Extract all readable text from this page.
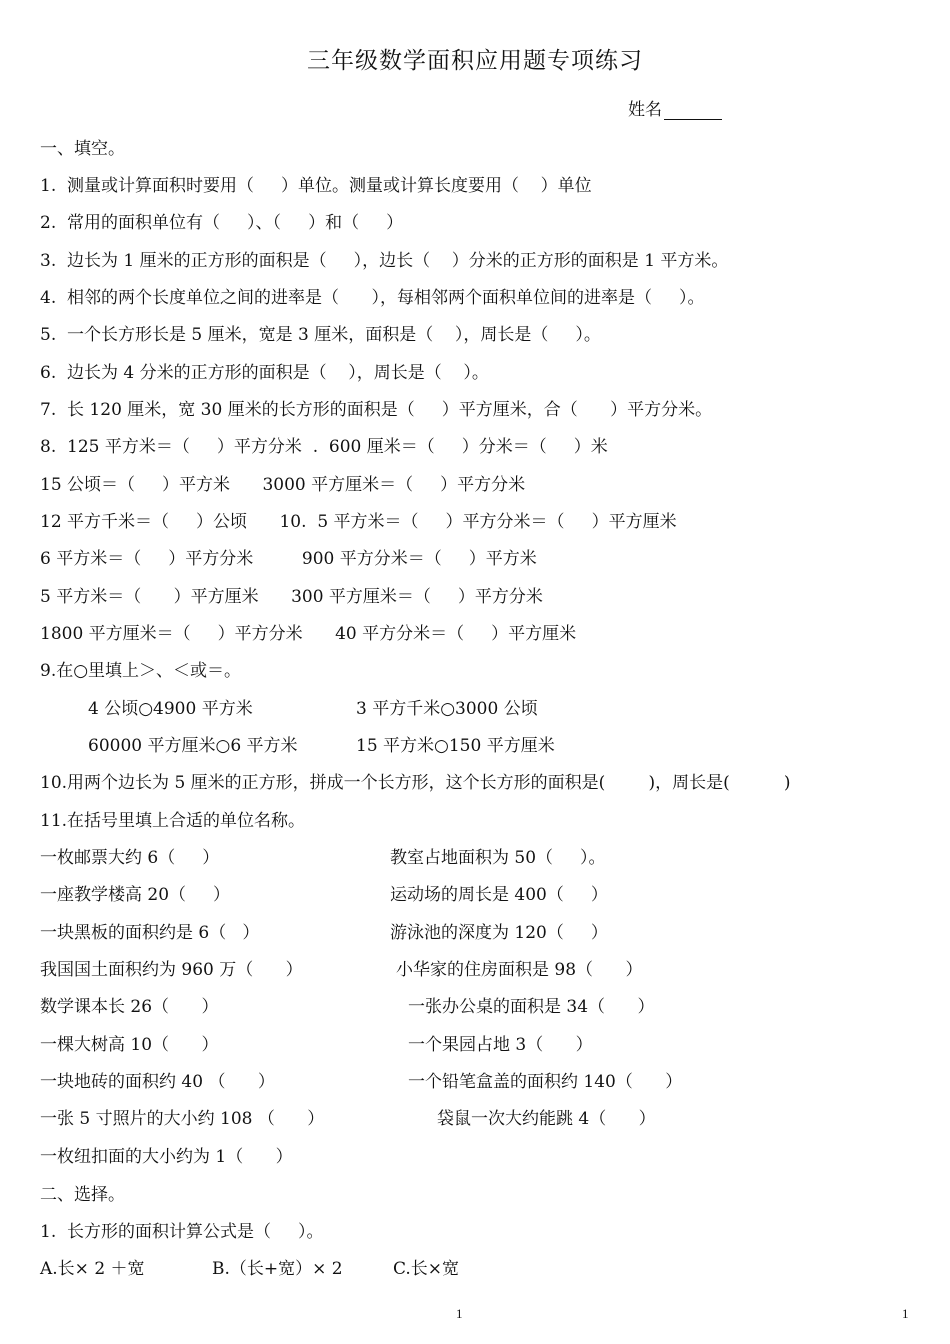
三年级数学面积应用题专项练习
姓名
一、填空。
1.  测量或计算面积时要用（     ）单位。测量或计算长度要用（    ）单位
2.  常用的面积单位有（     ）、（     ）和（     ）
3.  边长为 1 厘米的正方形的面积是（     ），边长（    ）分米的正方形的面积是 1 平方米。
4.  相邻的两个长度单位之间的进率是（      ），每相邻两个面积单位间的进率是（     ）。
5.  一个长方形长是 5 厘米，宽是 3 厘米，面积是（    ），周长是（     ）。
6.  边长为 4 分米的正方形的面积是（    ），周长是（    ）。
7.  长 120 厘米，宽 30 厘米的长方形的面积是（     ）平方厘米，合（      ）平方分米。
8.  125 平方米＝（     ）平方分米  .  600 厘米＝（     ）分米＝（     ）米
15 公顷＝（     ）平方米      3000 平方厘米＝（     ）平方分米
12 平方千米＝（     ）公顷      10.  5 平方米＝（     ）平方分米＝（     ）平方厘米
6 平方米＝（     ）平方分米         900 平方分米＝（     ）平方米
5 平方米＝（      ）平方厘米      300 平方厘米＝（     ）平方分米
1800 平方厘米＝（     ）平方分米      40 平方分米＝（     ）平方厘米
9.在○里填上＞、＜或＝。
4 公顷○4900 平方米	3 平方千米○3000 公顷
60000 平方厘米○6 平方米	15 平方米○150 平方厘米
10.用两个边长为 5 厘米的正方形，拼成一个长方形，这个长方形的面积是(        )，周长是(          )
11.在括号里填上合适的单位名称。
一枚邮票大约 6（     ）	教室占地面积为 50（     ）。
一座教学楼高 20（     ）	运动场的周长是 400（     ）
一块黑板的面积约是 6（   ）	游泳池的深度为 120（     ）
我国国土面积约为 960 万（      ）	小华家的住房面积是 98（      ）
数学课本长 26（      ）	一张办公桌的面积是 34（      ）
一棵大树高 10（      ）	一个果园占地 3（      ）
一块地砖的面积约 40 （      ）	一个铅笔盒盖的面积约 140（      ）
一张 5 寸照片的大小约 108 （      ）	袋鼠一次大约能跳 4（      ）
一枚纽扣面的大小约为 1（      ）
二、选择。
1.  长方形的面积计算公式是（     ）。
A.长× 2 ＋宽	B.（长+宽）× 2	C.长×宽
1	1
